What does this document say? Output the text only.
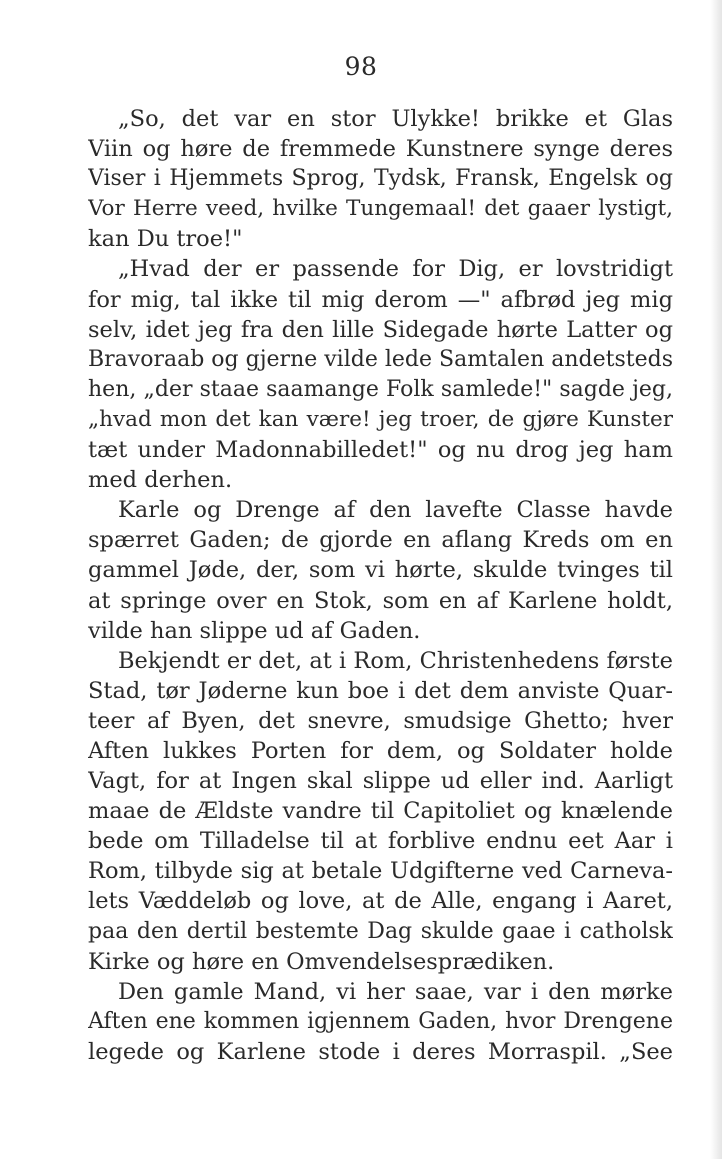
98
„So, det var en stor Ulykke! brikke et Glas
Viin og høre de fremmede Kunstnere synge deres
Viser i Hjemmets Sprog, Tydsk, Fransk, Engelsk og
Vor Herre veed, hvilke Tungemaal! det gaaer lystigt,
kan Du troe!"
„Hvad der er passende for Dig, er lovstridigt
for mig, tal ikke til mig derom —" afbrød jeg mig
selv, idet jeg fra den lille Sidegade hørte Latter og
Bravoraab og gjerne vilde lede Samtalen andetsteds
hen, „der staae saamange Folk samlede!" sagde jeg,
„hvad mon det kan være! jeg troer, de gjøre Kunster
tæt under Madonnabilledet!" og nu drog jeg ham
med derhen.
Karle og Drenge af den lavefte Classe havde
spærret Gaden; de gjorde en aflang Kreds om en
gammel Jøde, der, som vi hørte, skulde tvinges til
at springe over en Stok, som en af Karlene holdt,
vilde han slippe ud af Gaden.
Bekjendt er det, at i Rom, Christenhedens første
Stad, tør Jøderne kun boe i det dem anviste Quar-
teer af Byen, det snevre, smudsige Ghetto; hver
Aften lukkes Porten for dem, og Soldater holde
Vagt, for at Ingen skal slippe ud eller ind. Aarligt
maae de Ældste vandre til Capitoliet og knælende
bede om Tilladelse til at forblive endnu eet Aar i
Rom, tilbyde sig at betale Udgifterne ved Carneva-
lets Væddeløb og love, at de Alle, engang i Aaret,
paa den dertil bestemte Dag skulde gaae i catholsk
Kirke og høre en Omvendelsesprædiken.
Den gamle Mand, vi her saae, var i den mørke
Aften ene kommen igjennem Gaden, hvor Drengene
legede og Karlene stode i deres Morraspil. „See
